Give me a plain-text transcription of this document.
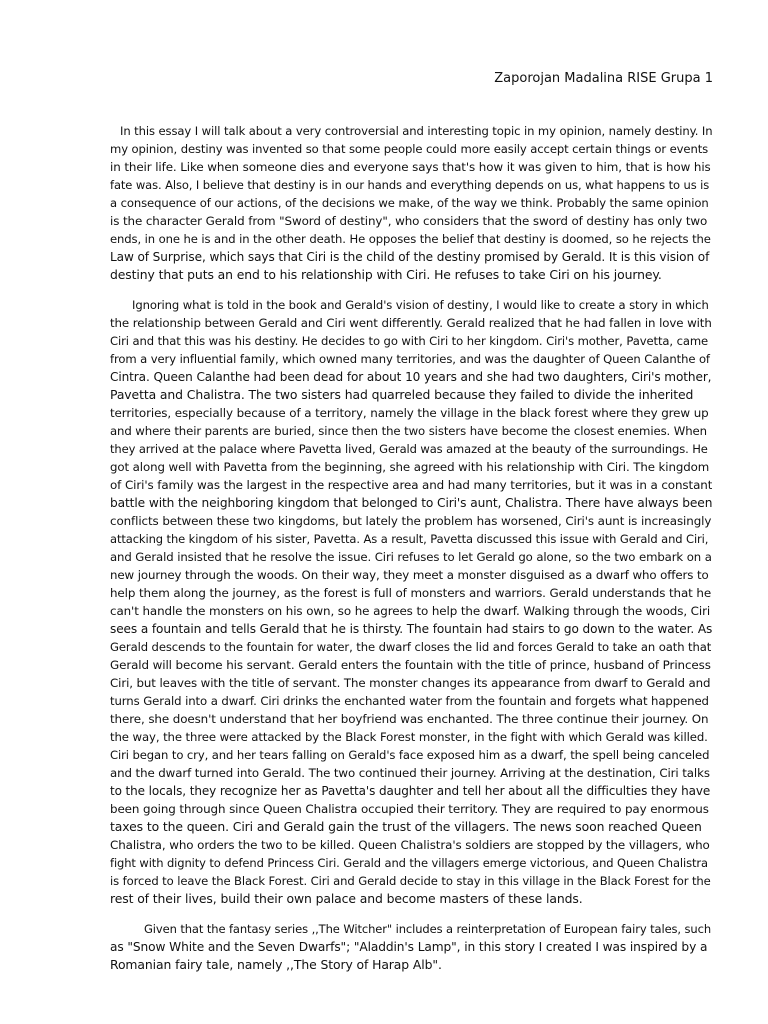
Zaporojan Madalina RISE Grupa 1
In this essay I will talk about a very controversial and interesting topic in my opinion, namely destiny. In
my opinion, destiny was invented so that some people could more easily accept certain things or events
in their life. Like when someone dies and everyone says that's how it was given to him, that is how his
fate was. Also, I believe that destiny is in our hands and everything depends on us, what happens to us is
a consequence of our actions, of the decisions we make, of the way we think. Probably the same opinion
is the character Gerald from "Sword of destiny", who considers that the sword of destiny has only two
ends, in one he is and in the other death. He opposes the belief that destiny is doomed, so he rejects the
Law of Surprise, which says that Ciri is the child of the destiny promised by Gerald. It is this vision of
destiny that puts an end to his relationship with Ciri. He refuses to take Ciri on his journey.
Ignoring what is told in the book and Gerald's vision of destiny, I would like to create a story in which
the relationship between Gerald and Ciri went differently. Gerald realized that he had fallen in love with
Ciri and that this was his destiny. He decides to go with Ciri to her kingdom. Ciri's mother, Pavetta, came
from a very influential family, which owned many territories, and was the daughter of Queen Calanthe of
Cintra. Queen Calanthe had been dead for about 10 years and she had two daughters, Ciri's mother,
Pavetta and Chalistra. The two sisters had quarreled because they failed to divide the inherited
territories, especially because of a territory, namely the village in the black forest where they grew up
and where their parents are buried, since then the two sisters have become the closest enemies. When
they arrived at the palace where Pavetta lived, Gerald was amazed at the beauty of the surroundings. He
got along well with Pavetta from the beginning, she agreed with his relationship with Ciri. The kingdom
of Ciri's family was the largest in the respective area and had many territories, but it was in a constant
battle with the neighboring kingdom that belonged to Ciri's aunt, Chalistra. There have always been
conflicts between these two kingdoms, but lately the problem has worsened, Ciri's aunt is increasingly
attacking the kingdom of his sister, Pavetta. As a result, Pavetta discussed this issue with Gerald and Ciri,
and Gerald insisted that he resolve the issue. Ciri refuses to let Gerald go alone, so the two embark on a
new journey through the woods. On their way, they meet a monster disguised as a dwarf who offers to
help them along the journey, as the forest is full of monsters and warriors. Gerald understands that he
can't handle the monsters on his own, so he agrees to help the dwarf. Walking through the woods, Ciri
sees a fountain and tells Gerald that he is thirsty. The fountain had stairs to go down to the water. As
Gerald descends to the fountain for water, the dwarf closes the lid and forces Gerald to take an oath that
Gerald will become his servant. Gerald enters the fountain with the title of prince, husband of Princess
Ciri, but leaves with the title of servant. The monster changes its appearance from dwarf to Gerald and
turns Gerald into a dwarf. Ciri drinks the enchanted water from the fountain and forgets what happened
there, she doesn't understand that her boyfriend was enchanted. The three continue their journey. On
the way, the three were attacked by the Black Forest monster, in the fight with which Gerald was killed.
Ciri began to cry, and her tears falling on Gerald's face exposed him as a dwarf, the spell being canceled
and the dwarf turned into Gerald. The two continued their journey. Arriving at the destination, Ciri talks
to the locals, they recognize her as Pavetta's daughter and tell her about all the difficulties they have
been going through since Queen Chalistra occupied their territory. They are required to pay enormous
taxes to the queen. Ciri and Gerald gain the trust of the villagers. The news soon reached Queen
Chalistra, who orders the two to be killed. Queen Chalistra's soldiers are stopped by the villagers, who
fight with dignity to defend Princess Ciri. Gerald and the villagers emerge victorious, and Queen Chalistra
is forced to leave the Black Forest. Ciri and Gerald decide to stay in this village in the Black Forest for the
rest of their lives, build their own palace and become masters of these lands.
Given that the fantasy series ,,The Witcher" includes a reinterpretation of European fairy tales, such
as "Snow White and the Seven Dwarfs"; "Aladdin's Lamp", in this story I created I was inspired by a
Romanian fairy tale, namely ,,The Story of Harap Alb".
